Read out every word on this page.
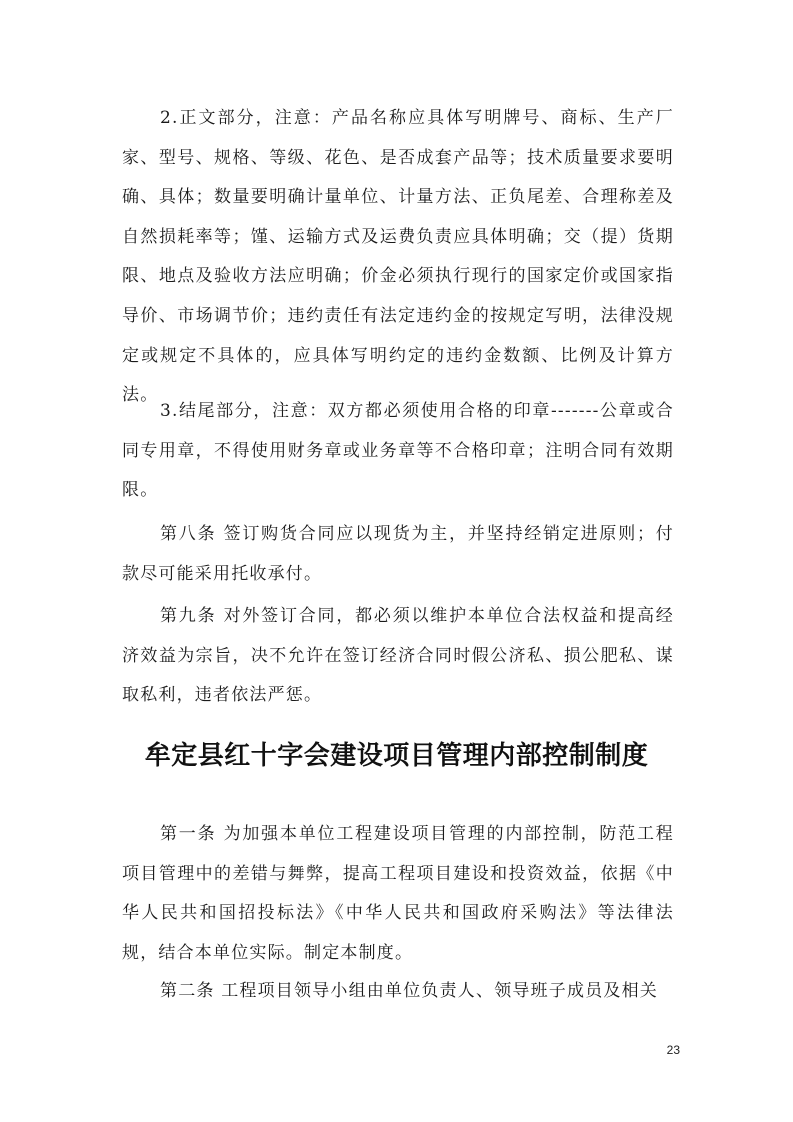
2.正文部分，注意：产品名称应具体写明牌号、商标、生产厂家、型号、规格、等级、花色、是否成套产品等；技术质量要求要明确、具体；数量要明确计量单位、计量方法、正负尾差、合理称差及自然损耗率等；馑、运输方式及运费负责应具体明确；交（提）货期限、地点及验收方法应明确；价金必须执行现行的国家定价或国家指导价、市场调节价；违约责任有法定违约金的按规定写明，法律没规定或规定不具体的，应具体写明约定的违约金数额、比例及计算方法。

3.结尾部分，注意：双方都必须使用合格的印章-------公章或合同专用章，不得使用财务章或业务章等不合格印章；注明合同有效期限。

第八条 签订购货合同应以现货为主，并坚持经销定进原则；付款尽可能采用托收承付。

第九条 对外签订合同，都必须以维护本单位合法权益和提高经济效益为宗旨，决不允许在签订经济合同时假公济私、损公肥私、谋取私利，违者依法严惩。

牟定县红十字会建设项目管理内部控制制度

第一条 为加强本单位工程建设项目管理的内部控制，防范工程项目管理中的差错与舞弊，提高工程项目建设和投资效益，依据《中华人民共和国招投标法》《中华人民共和国政府采购法》等法律法规，结合本单位实际。制定本制度。

第二条 工程项目领导小组由单位负责人、领导班子成员及相关

23
